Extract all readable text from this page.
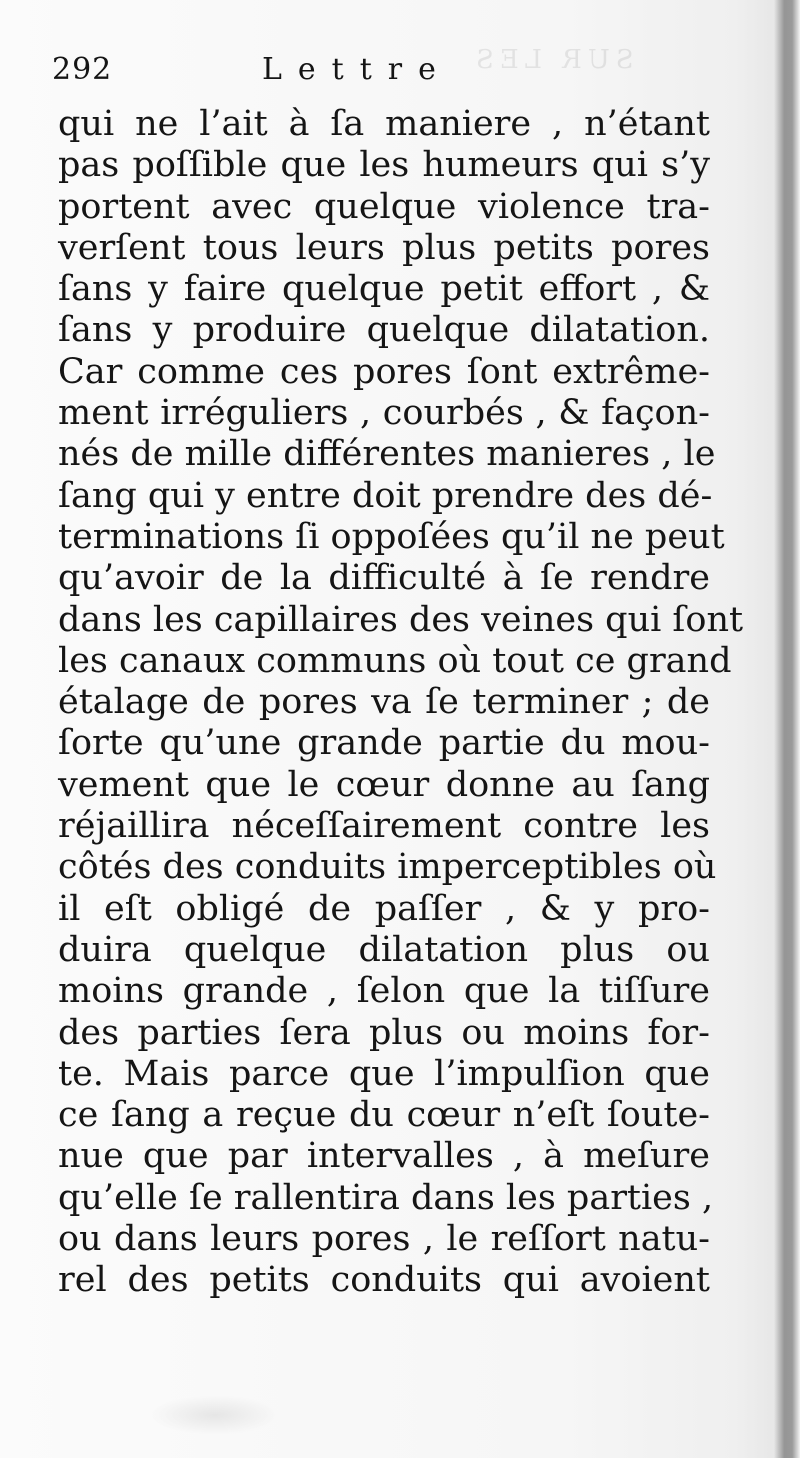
SUR LES
292	Lettre
qui ne l’ait à ſa maniere , n’étant
pas poſſible que les humeurs qui s’y
portent avec quelque violence tra-
verſent tous leurs plus petits pores
ſans y faire quelque petit effort , &
ſans y produire quelque dilatation.
Car comme ces pores ſont extrême-
ment irréguliers , courbés , & façon-
nés de mille différentes manieres , le
ſang qui y entre doit prendre des dé-
terminations ſi oppoſées qu’il ne peut
qu’avoir de la difficulté à ſe rendre
dans les capillaires des veines qui ſont
les canaux communs où tout ce grand
étalage de pores va ſe terminer ; de
ſorte qu’une grande partie du mou-
vement que le cœur donne au ſang
réjaillira néceſſairement contre les
côtés des conduits imperceptibles où
il eſt obligé de paſſer , & y pro-
duira quelque dilatation plus ou
moins grande , ſelon que la tiſſure
des parties ſera plus ou moins for-
te. Mais parce que l’impulſion que
ce ſang a reçue du cœur n’eſt ſoute-
nue que par intervalles , à meſure
qu’elle ſe rallentira dans les parties ,
ou dans leurs pores , le reſſort natu-
rel des petits conduits qui avoient
